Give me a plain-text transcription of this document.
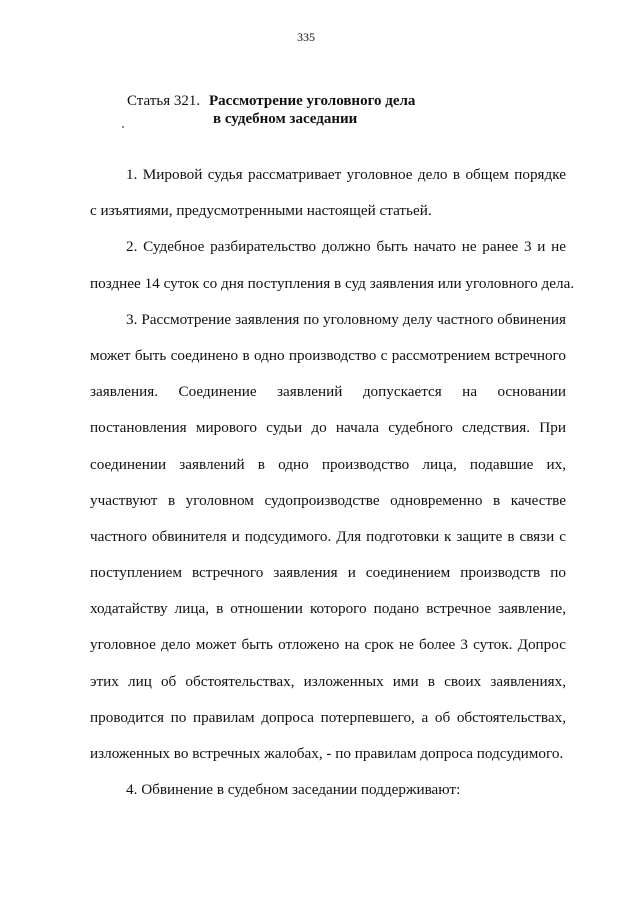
335
Статья 321. Рассмотрение уголовного дела
в судебном заседании
1. Мировой судья рассматривает уголовное дело в общем порядке
с изъятиями, предусмотренными настоящей статьей.
2. Судебное разбирательство должно быть начато не ранее 3 и не
позднее 14 суток со дня поступления в суд заявления или уголовного дела.
3. Рассмотрение заявления по уголовному делу частного обвинения
может быть соединено в одно производство с рассмотрением встречного
заявления. Соединение заявлений допускается на основании
постановления мирового судьи до начала судебного следствия. При
соединении заявлений в одно производство лица, подавшие их,
участвуют в уголовном судопроизводстве одновременно в качестве
частного обвинителя и подсудимого. Для подготовки к защите в связи с
поступлением встречного заявления и соединением производств по
ходатайству лица, в отношении которого подано встречное заявление,
уголовное дело может быть отложено на срок не более 3 суток. Допрос
этих лиц об обстоятельствах, изложенных ими в своих заявлениях,
проводится по правилам допроса потерпевшего, а об обстоятельствах,
изложенных во встречных жалобах, - по правилам допроса подсудимого.
4. Обвинение в судебном заседании поддерживают:
